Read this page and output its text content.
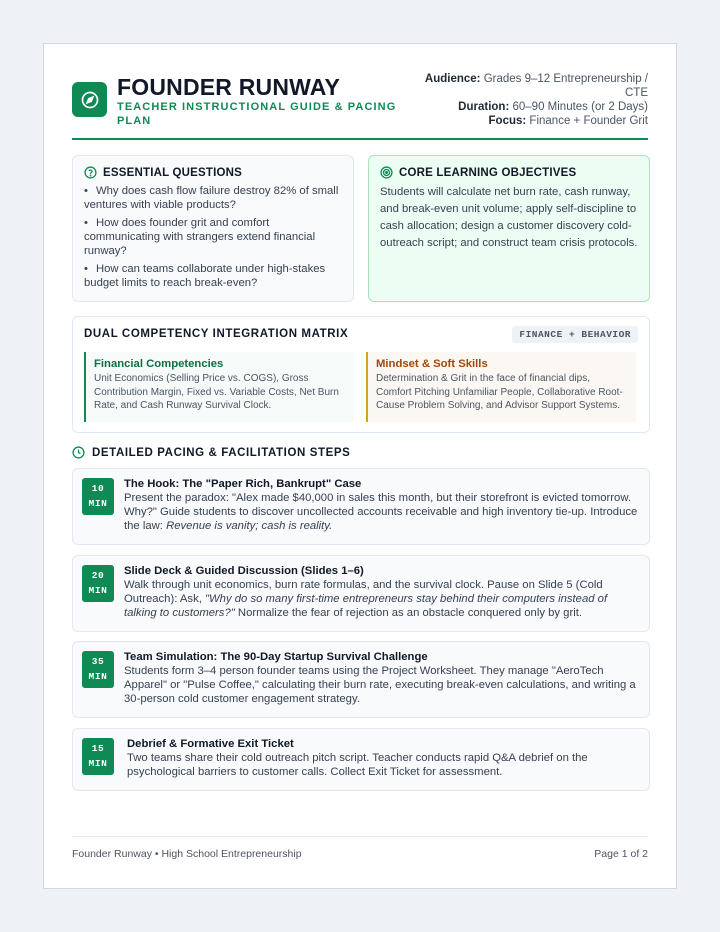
FOUNDER RUNWAY
TEACHER INSTRUCTIONAL GUIDE & PACING PLAN
Audience: Grades 9–12 Entrepreneurship / CTE
Duration: 60–90 Minutes (or 2 Days)
Focus: Finance + Founder Grit
ESSENTIAL QUESTIONS
• Why does cash flow failure destroy 82% of small ventures with viable products?
• How does founder grit and comfort communicating with strangers extend financial runway?
• How can teams collaborate under high-stakes budget limits to reach break-even?
CORE LEARNING OBJECTIVES

Students will calculate net burn rate, cash runway, and break-even unit volume; apply self-discipline to cash allocation; design a customer discovery cold-outreach script; and construct team crisis protocols.

DUAL COMPETENCY INTEGRATION MATRIX	FINANCE + BEHAVIOR
Financial Competencies

Unit Economics (Selling Price vs. COGS), Gross Contribution Margin, Fixed vs. Variable Costs, Net Burn Rate, and Cash Runway Survival Clock.

Mindset & Soft Skills

Determination & Grit in the face of financial dips, Comfort Pitching Unfamiliar People, Collaborative Root-Cause Problem Solving, and Advisor Support Systems.

DETAILED PACING & FACILITATION STEPS
10
MIN
The Hook: The "Paper Rich, Bankrupt" Case

Present the paradox: "Alex made $40,000 in sales this month, but their storefront is evicted tomorrow. Why?" Guide students to discover uncollected accounts receivable and high inventory tie-up. Introduce the law: Revenue is vanity; cash is reality.

20
MIN
Slide Deck & Guided Discussion (Slides 1–6)

Walk through unit economics, burn rate formulas, and the survival clock. Pause on Slide 5 (Cold Outreach): Ask, "Why do so many first-time entrepreneurs stay behind their computers instead of talking to customers?" Normalize the fear of rejection as an obstacle conquered only by grit.

35
MIN
Team Simulation: The 90-Day Startup Survival Challenge

Students form 3–4 person founder teams using the Project Worksheet. They manage "AeroTech Apparel" or "Pulse Coffee," calculating their burn rate, executing break-even calculations, and writing a 30-person cold customer engagement strategy.

15
MIN
Debrief & Formative Exit Ticket

Two teams share their cold outreach pitch script. Teacher conducts rapid Q&A debrief on the psychological barriers to customer calls. Collect Exit Ticket for assessment.

Founder Runway • High School Entrepreneurship	Page 1 of 2
